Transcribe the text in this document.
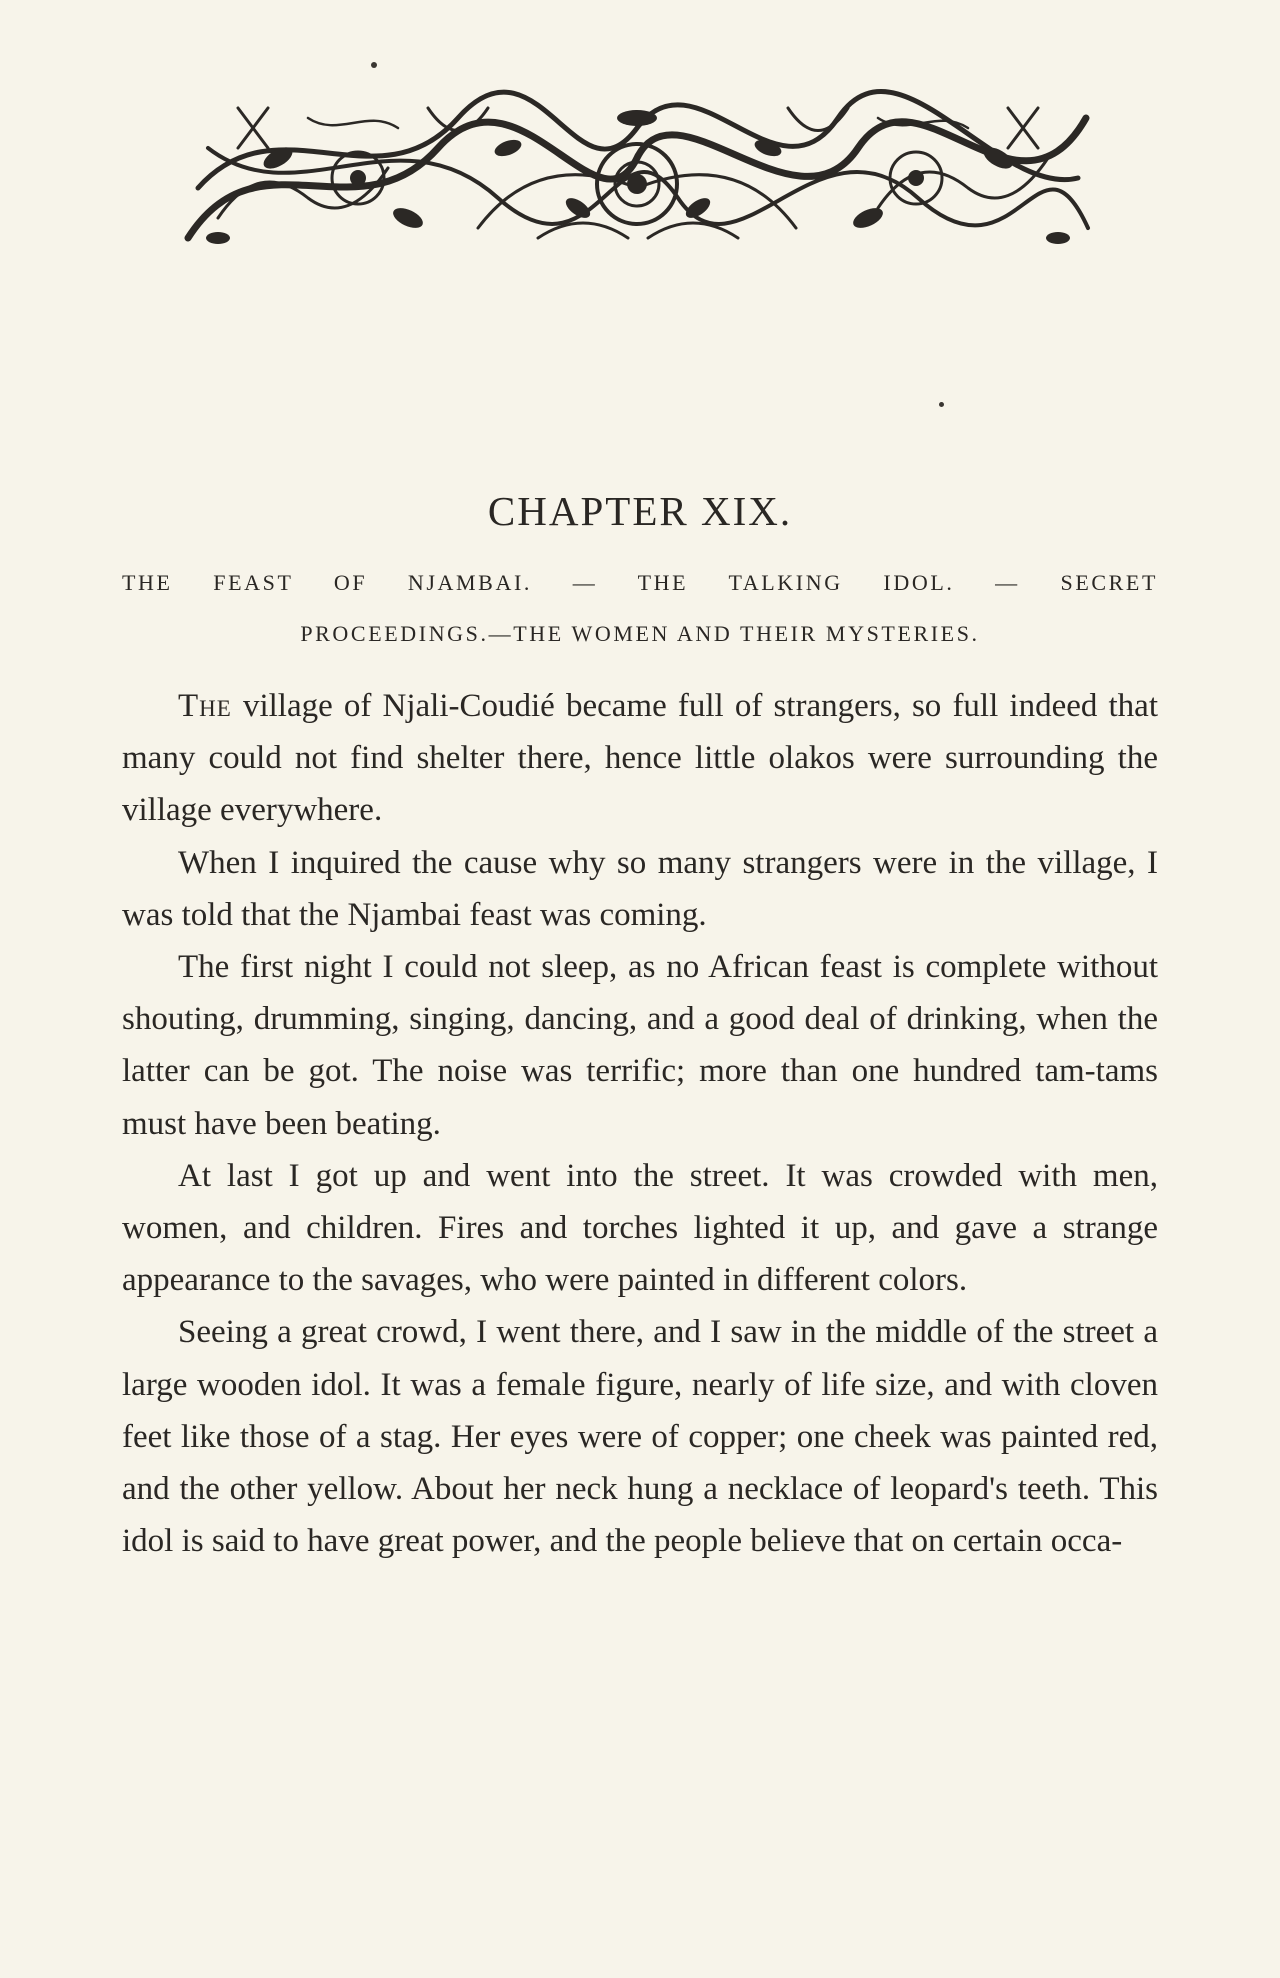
CHAPTER XIX.

THE FEAST OF NJAMBAI. — THE TALKING IDOL. — SECRET

PROCEEDINGS.—THE WOMEN AND THEIR MYSTERIES.

The village of Njali-Coudié became full of strangers, so full indeed that many could not find shelter there, hence little olakos were surrounding the village everywhere.

When I inquired the cause why so many strangers were in the village, I was told that the Njambai feast was coming.

The first night I could not sleep, as no African feast is complete without shouting, drumming, singing, dancing, and a good deal of drinking, when the latter can be got. The noise was terrific; more than one hundred tam-tams must have been beating.

At last I got up and went into the street. It was crowded with men, women, and children. Fires and torches lighted it up, and gave a strange appearance to the savages, who were painted in different colors.

Seeing a great crowd, I went there, and I saw in the middle of the street a large wooden idol. It was a female figure, nearly of life size, and with cloven feet like those of a stag. Her eyes were of copper; one cheek was painted red, and the other yellow. About her neck hung a necklace of leopard's teeth. This idol is said to have great power, and the people believe that on certain occa-
